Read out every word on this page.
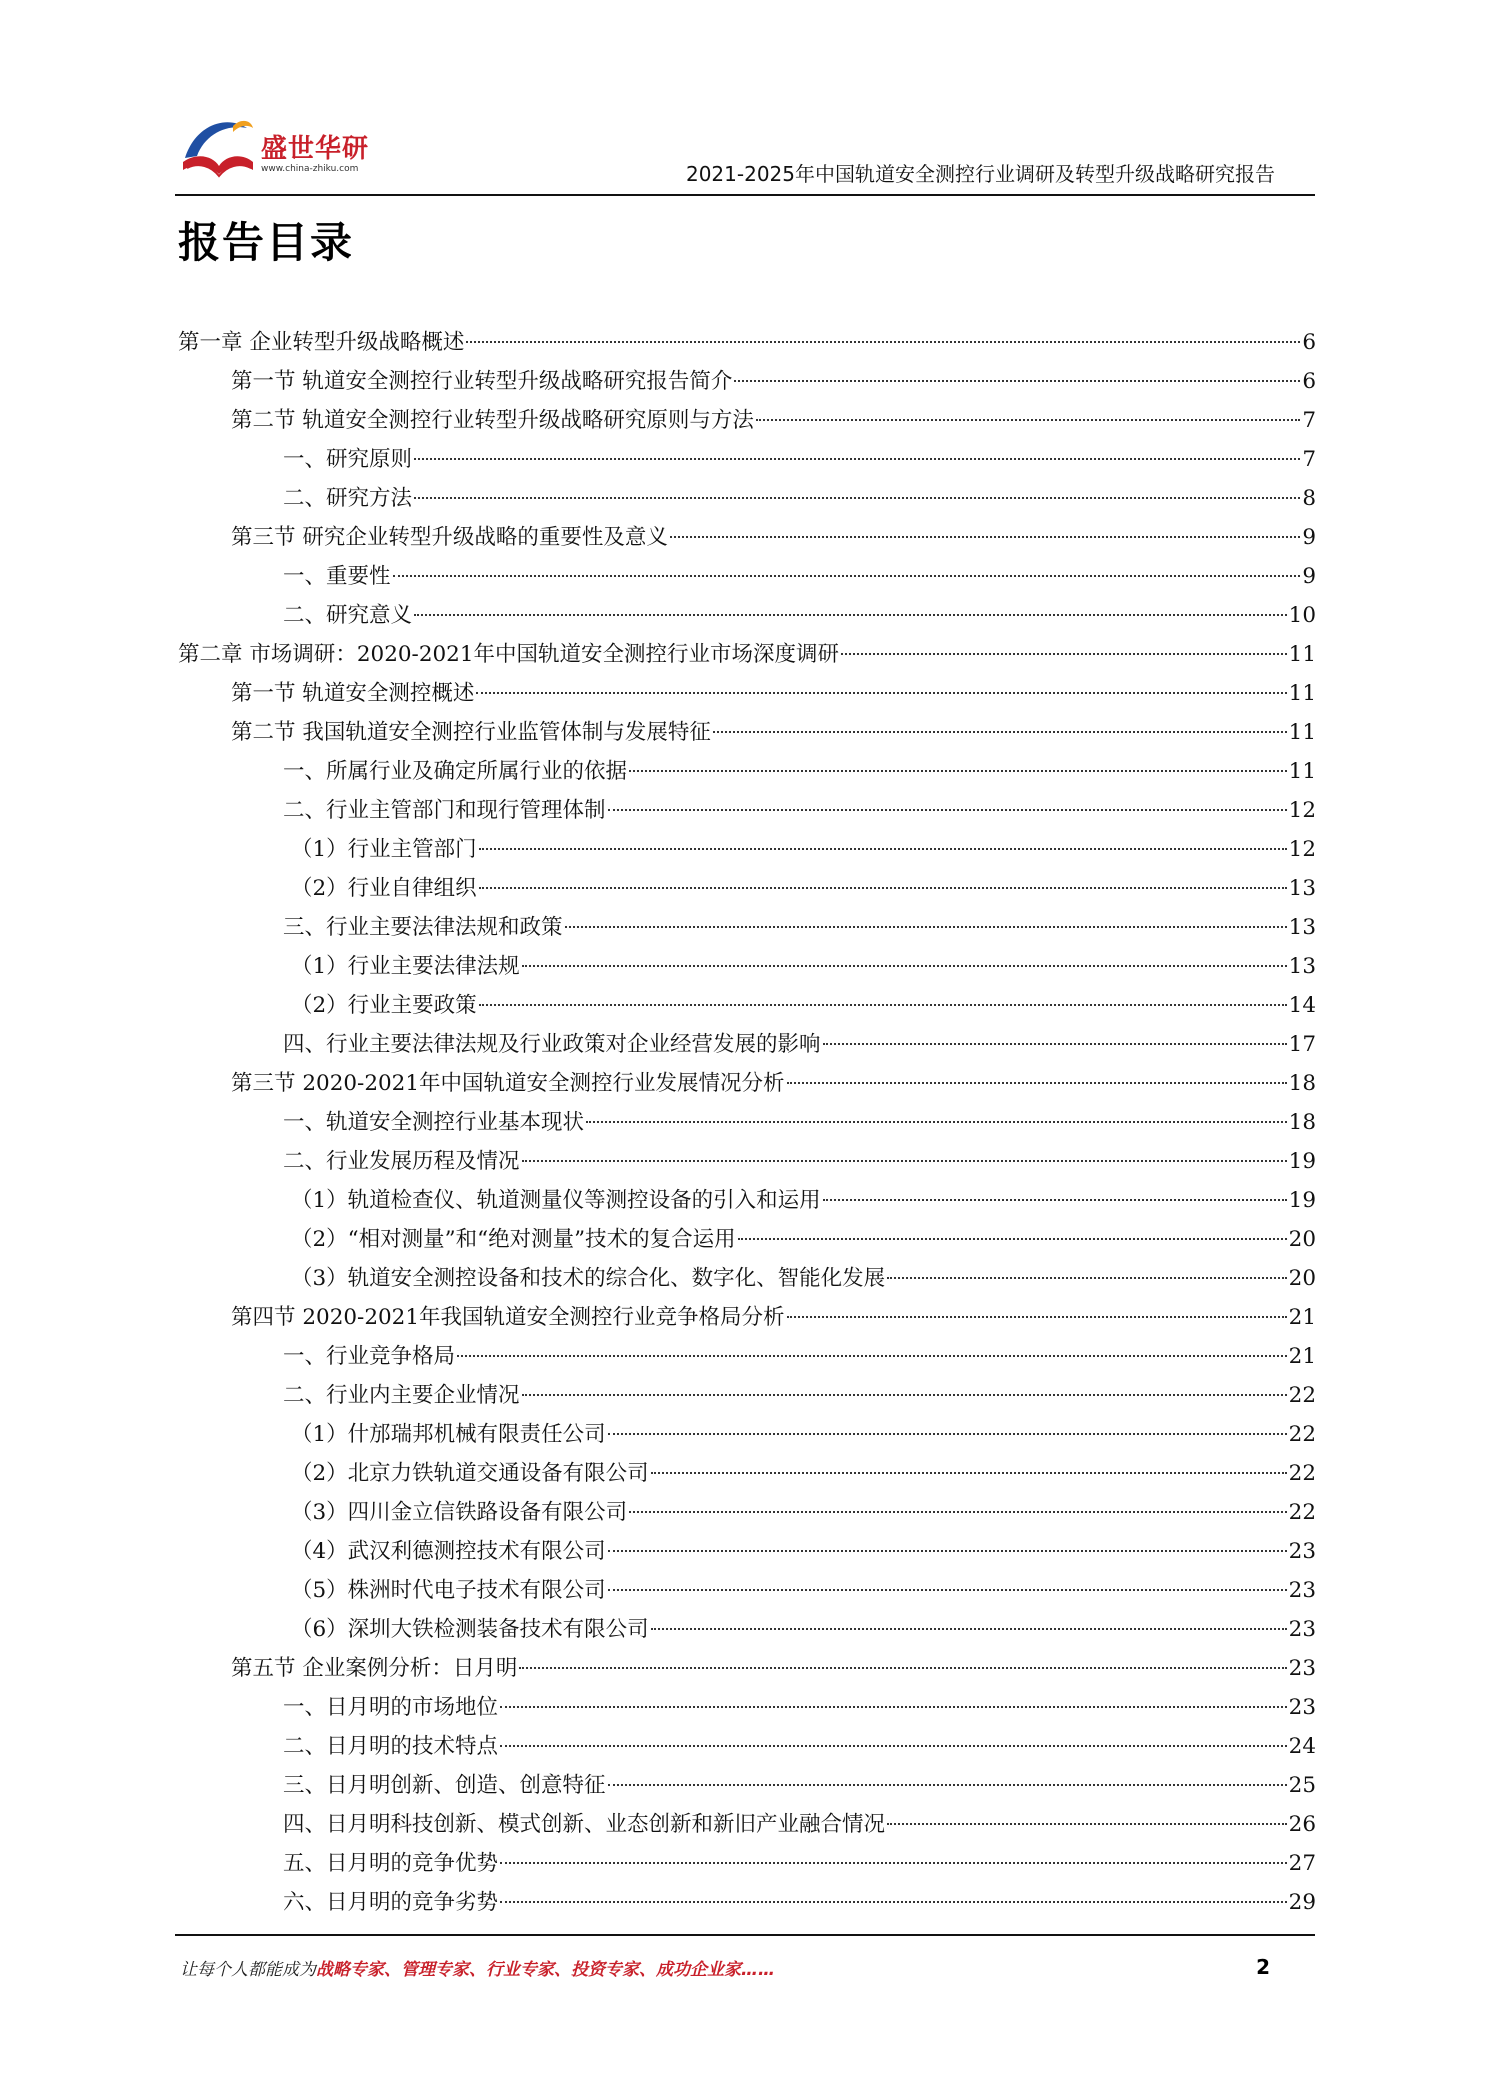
盛世华研
www.china-zhiku.com	2021-2025年中国轨道安全测控行业调研及转型升级战略研究报告
报告目录
第一章 企业转型升级战略概述	6
第一节 轨道安全测控行业转型升级战略研究报告简介	6
第二节 轨道安全测控行业转型升级战略研究原则与方法	7
一、研究原则	7
二、研究方法	8
第三节 研究企业转型升级战略的重要性及意义	9
一、重要性	9
二、研究意义	10
第二章 市场调研：2020-2021年中国轨道安全测控行业市场深度调研	11
第一节 轨道安全测控概述	11
第二节 我国轨道安全测控行业监管体制与发展特征	11
一、所属行业及确定所属行业的依据	11
二、行业主管部门和现行管理体制	12
（1）行业主管部门	12
（2）行业自律组织	13
三、行业主要法律法规和政策	13
（1）行业主要法律法规	13
（2）行业主要政策	14
四、行业主要法律法规及行业政策对企业经营发展的影响	17
第三节 2020-2021年中国轨道安全测控行业发展情况分析	18
一、轨道安全测控行业基本现状	18
二、行业发展历程及情况	19
（1）轨道检查仪、轨道测量仪等测控设备的引入和运用	19
（2）“相对测量”和“绝对测量”技术的复合运用	20
（3）轨道安全测控设备和技术的综合化、数字化、智能化发展	20
第四节 2020-2021年我国轨道安全测控行业竞争格局分析	21
一、行业竞争格局	21
二、行业内主要企业情况	22
（1）什邡瑞邦机械有限责任公司	22
（2）北京力铁轨道交通设备有限公司	22
（3）四川金立信铁路设备有限公司	22
（4）武汉利德测控技术有限公司	23
（5）株洲时代电子技术有限公司	23
（6）深圳大铁检测装备技术有限公司	23
第五节 企业案例分析：日月明	23
一、日月明的市场地位	23
二、日月明的技术特点	24
三、日月明创新、创造、创意特征	25
四、日月明科技创新、模式创新、业态创新和新旧产业融合情况	26
五、日月明的竞争优势	27
六、日月明的竞争劣势	29
让每个人都能成为战略专家、管理专家、行业专家、投资专家、成功企业家……	2
